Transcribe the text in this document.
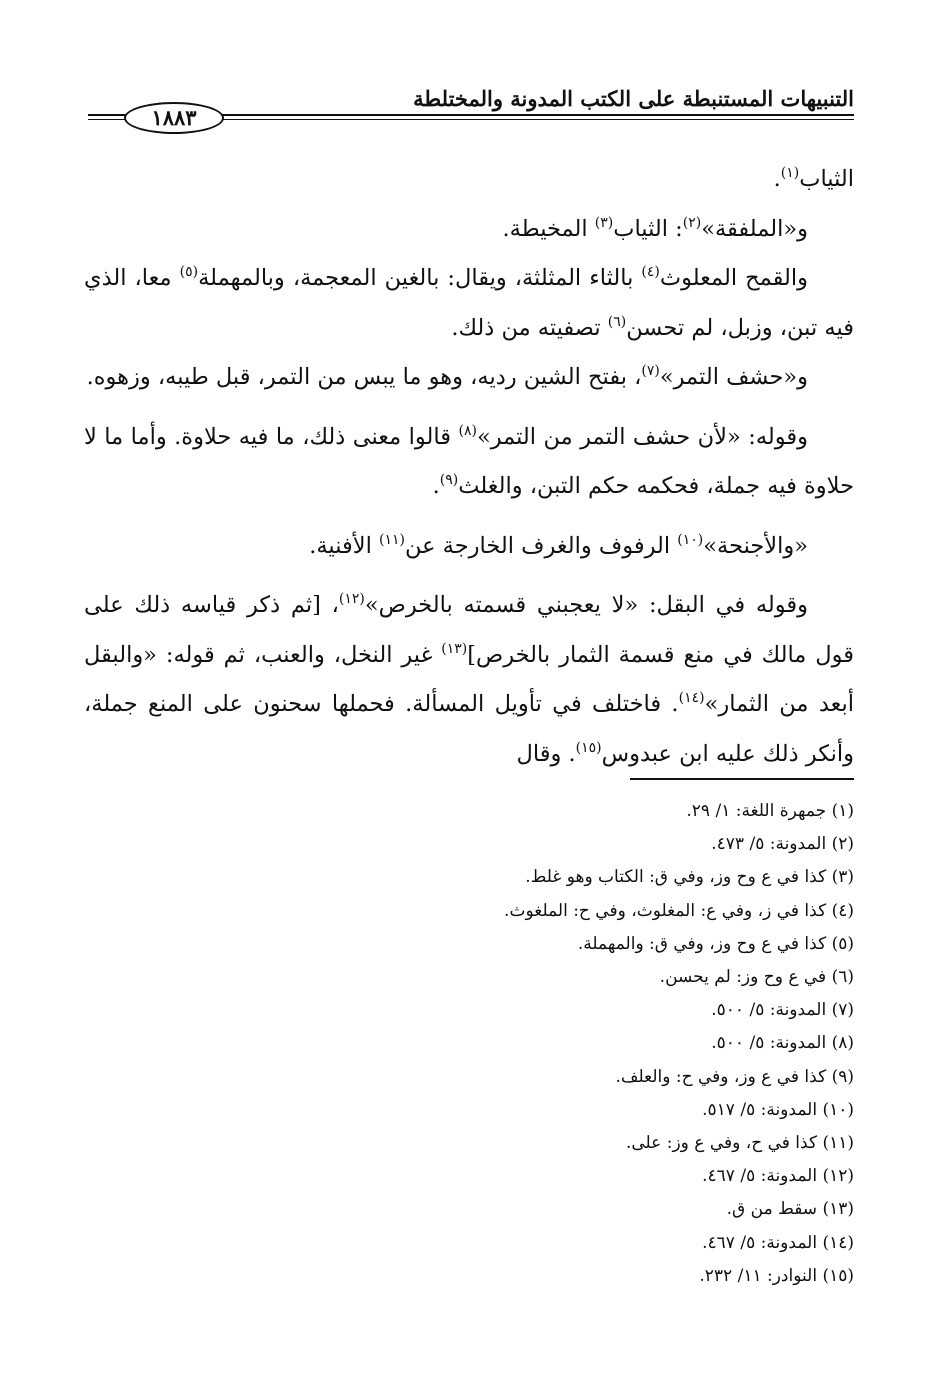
التنبيهات المستنبطة على الكتب المدونة والمختلطة
١٨٨٣

الثياب$^{(١)}$.

و«الملفقة»$^{(٢)}$: الثياب$^{(٣)}$ المخيطة.

والقمح المعلوث$^{(٤)}$ بالثاء المثلثة، ويقال: بالغين المعجمة، وبالمهملة$^{(٥)}$ معا، الذي فيه تبن، وزبل، لم تحسن$^{(٦)}$ تصفيته من ذلك.

و«حشف التمر»$^{(٧)}$، بفتح الشين رديه، وهو ما يبس من التمر، قبل طيبه، وزهوه.

وقوله: «لأن حشف التمر من التمر»$^{(٨)}$ قالوا معنى ذلك، ما فيه حلاوة. وأما ما لا حلاوة فيه جملة، فحكمه حكم التبن، والغلث$^{(٩)}$.

«والأجنحة»$^{(١٠)}$ الرفوف والغرف الخارجة عن$^{(١١)}$ الأفنية.

وقوله في البقل: «لا يعجبني قسمته بالخرص»$^{(١٢)}$، [ثم ذكر قياسه ذلك على قول مالك في منع قسمة الثمار بالخرص]$^{(١٣)}$ غير النخل، والعنب، ثم قوله: «والبقل أبعد من الثمار»$^{(١٤)}$. فاختلف في تأويل المسألة. فحملها سحنون على المنع جملة، وأنكر ذلك عليه ابن عبدوس$^{(١٥)}$. وقال

(١) جمهرة اللغة: ١/ ٢٩.
(٢) المدونة: ٥/ ٤٧٣.
(٣) كذا في ع وح وز، وفي ق: الكتاب وهو غلط.
(٤) كذا في ز، وفي ع: المغلوث، وفي ح: الملغوث.
(٥) كذا في ع وح وز، وفي ق: والمهملة.
(٦) في ع وح وز: لم يحسن.
(٧) المدونة: ٥/ ٥٠٠.
(٨) المدونة: ٥/ ٥٠٠.
(٩) كذا في ع وز، وفي ح: والعلف.
(١٠) المدونة: ٥/ ٥١٧.
(١١) كذا في ح، وفي ع وز: على.
(١٢) المدونة: ٥/ ٤٦٧.
(١٣) سقط من ق.
(١٤) المدونة: ٥/ ٤٦٧.
(١٥) النوادر: ١١/ ٢٣٢.
